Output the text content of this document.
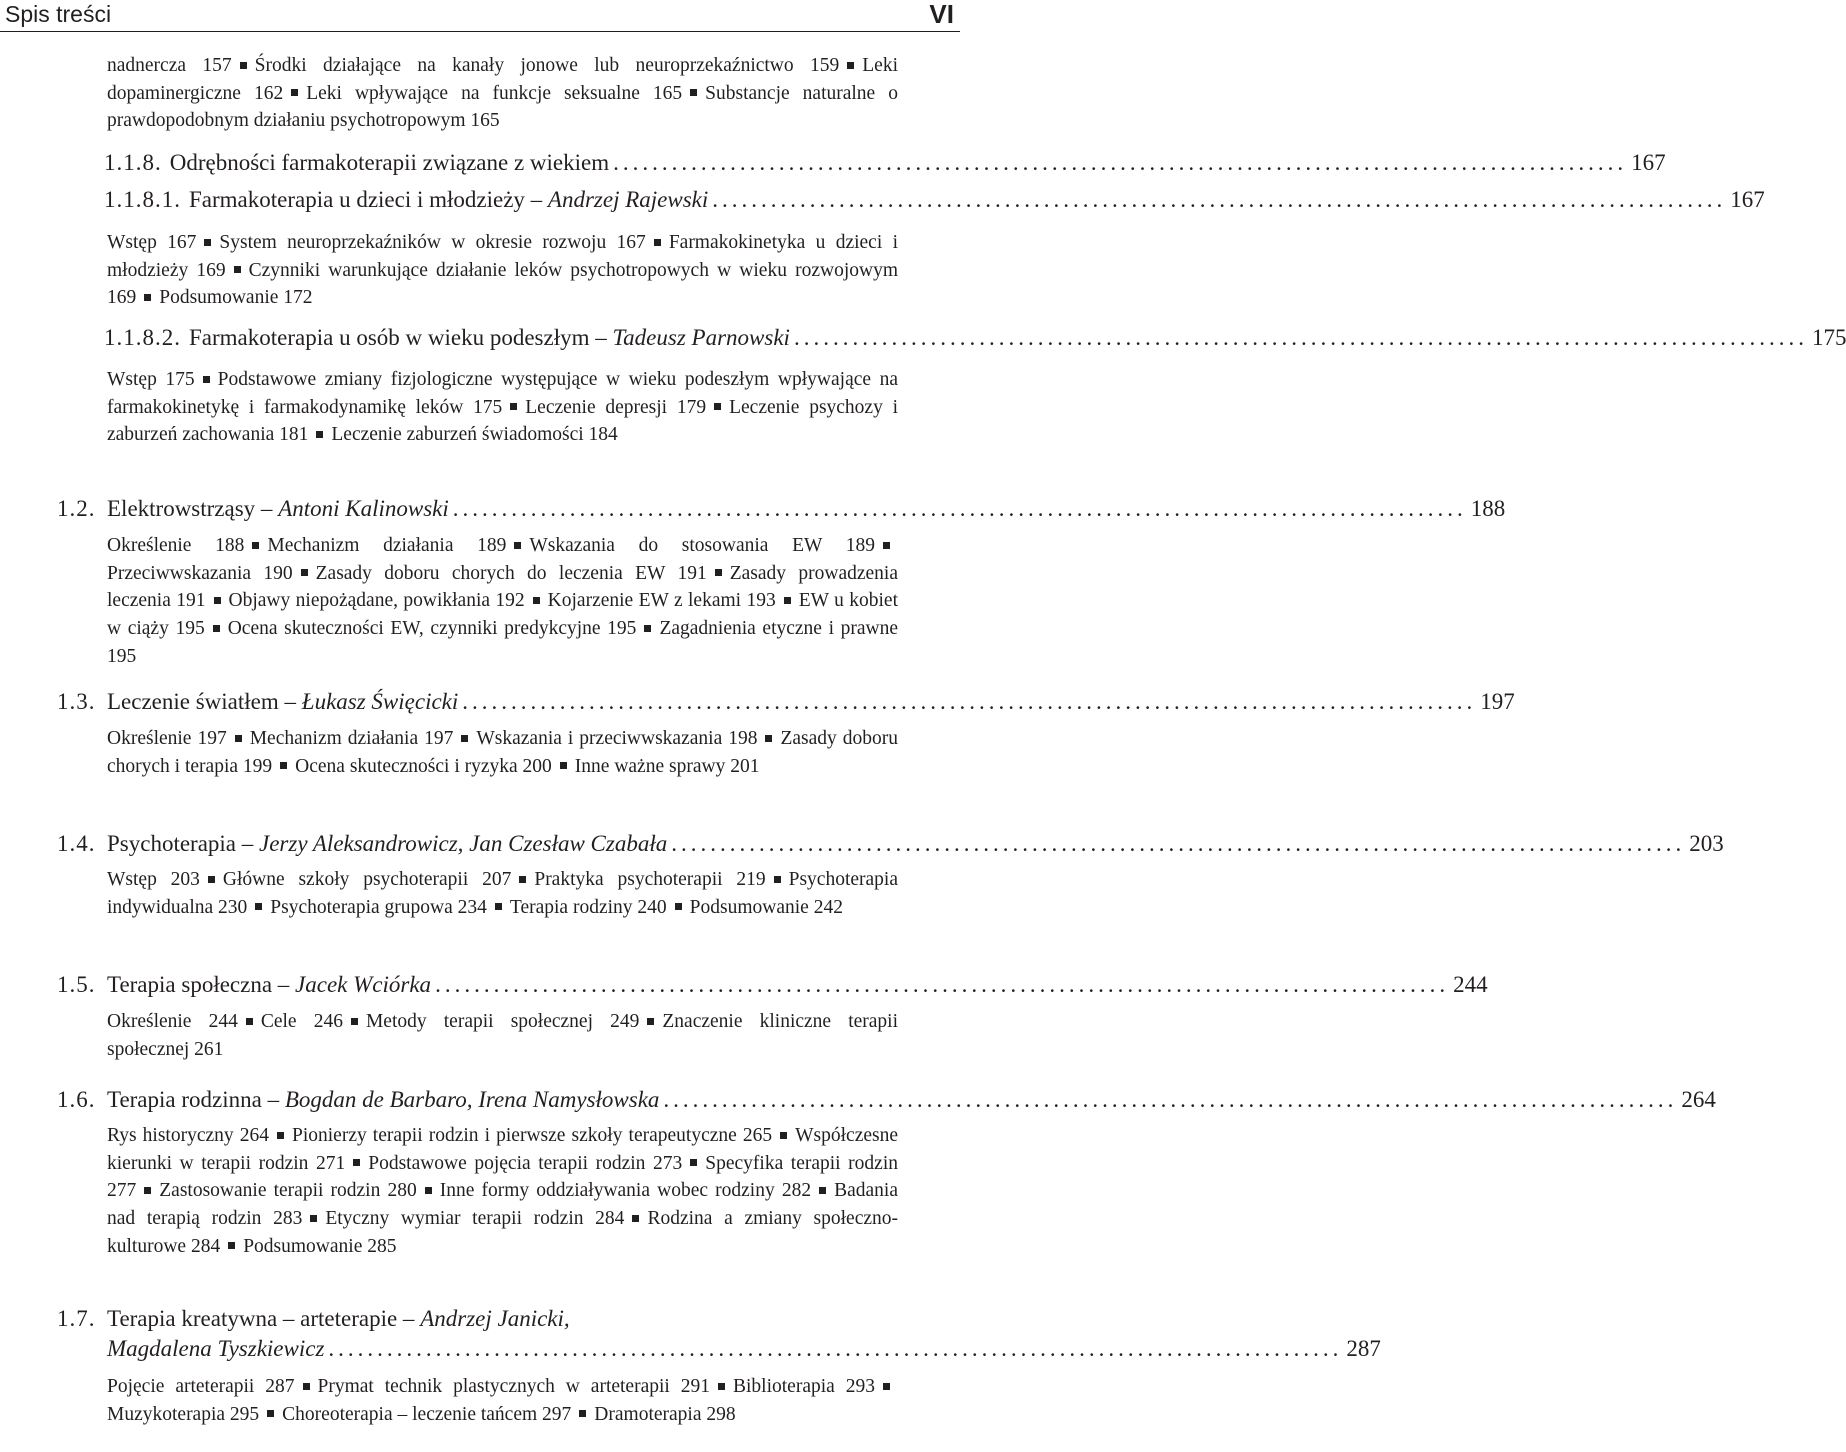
Spis treści	VI
nadnercza 157 Środki działające na kanały jonowe lub neuroprzekaźnictwo 159 Leki dopaminergiczne 162 Leki wpływające na funkcje seksualne 165 Substancje naturalne o prawdopodobnym działaniu psychotropowym 165
1.1.8. Odrębności farmakoterapii związane z wiekiem ........................................................................................................ 167
1.1.8.1. Farmakoterapia u dzieci i młodzieży –
Andrzej Rajewski ........................................................................................................ 167
Wstęp 167 System neuroprzekaźników w okresie rozwoju 167 Farmakokinetyka u dzieci i młodzieży 169 Czynniki warunkujące działanie leków psychotropowych w wieku rozwojowym 169 Podsumowanie 172
1.1.8.2. Farmakoterapia u osób w wieku podeszłym –
Tadeusz Parnowski ........................................................................................................ 175
Wstęp 175 Podstawowe zmiany fizjologiczne występujące w wieku podeszłym wpływające na farmakokinetykę i farmakodynamikę leków 175 Leczenie depresji 179 Leczenie psychozy i zaburzeń zachowania 181 Leczenie zaburzeń świadomości 184
1.2. Elektrowstrząsy –
Antoni Kalinowski ........................................................................................................ 188
Określenie 188 Mechanizm działania 189 Wskazania do stosowania EW 189Przeciwwskazania 190 Zasady doboru chorych do leczenia EW 191 Zasady prowadzenia leczenia 191 Objawy niepożądane, powikłania 192 Kojarzenie EW z lekami 193 EW u kobiet w ciąży 195 Ocena skuteczności EW, czynniki predykcyjne 195 Zagadnienia etyczne i prawne 195
1.3. Leczenie światłem –
Łukasz Święcicki ........................................................................................................ 197
Określenie 197 Mechanizm działania 197 Wskazania i przeciwwskazania 198 Zasady doboru chorych i terapia 199 Ocena skuteczności i ryzyka 200 Inne ważne sprawy 201
1.4. Psychoterapia –
Jerzy Aleksandrowicz, Jan Czesław Czabała ........................................................................................................ 203
Wstęp 203 Główne szkoły psychoterapii 207 Praktyka psychoterapii 219 Psychoterapia indywidualna 230 Psychoterapia grupowa 234 Terapia rodziny 240 Podsumowanie 242
1.5. Terapia społeczna –
Jacek Wciórka ........................................................................................................ 244
Określenie 244 Cele 246 Metody terapii społecznej 249 Znaczenie kliniczne terapii społecznej 261
1.6. Terapia rodzinna –
Bogdan de Barbaro, Irena Namysłowska ........................................................................................................ 264
Rys historyczny 264 Pionierzy terapii rodzin i pierwsze szkoły terapeutyczne 265 Współczesne kierunki w terapii rodzin 271 Podstawowe pojęcia terapii rodzin 273 Specyfika terapii rodzin 277 Zastosowanie terapii rodzin 280 Inne formy oddziaływania wobec rodziny 282 Badania nad terapią rodzin 283 Etyczny wymiar terapii rodzin 284 Rodzina a zmiany społeczno-kulturowe 284 Podsumowanie 285
1.7. Terapia kreatywna – arteterapie –
Andrzej Janicki,
Magdalena Tyszkiewicz ........................................................................................................ 287
Pojęcie arteterapii 287 Prymat technik plastycznych w arteterapii 291 Biblioterapia 293Muzykoterapia 295 Choreoterapia – leczenie tańcem 297 Dramoterapia 298
